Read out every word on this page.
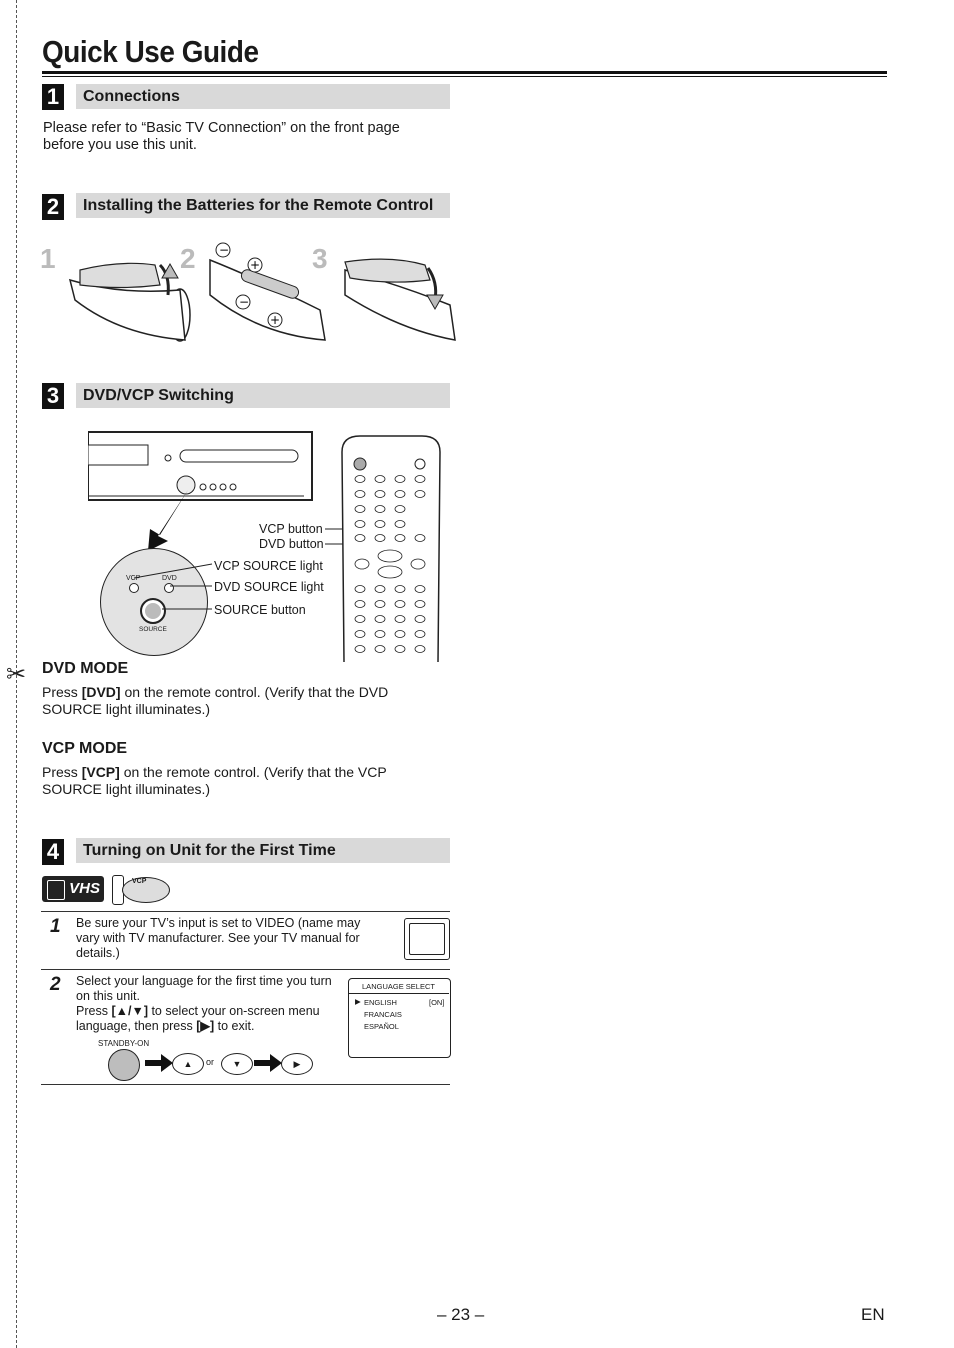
✂
Quick Use Guide
1	Connections
Please refer to “Basic TV Connection” on the front page before you use this unit.
2	Installing the Batteries for the Remote Control
1	2	3
−
+
−
+
3	DVD/VCP Switching
VCP	DVD
SOURCE
VCP button
DVD button
VCP SOURCE light
DVD SOURCE light
SOURCE button
DVD MODE
Press [DVD] on the remote control. (Verify that the DVD SOURCE light illuminates.)
VCP MODE
Press [VCP] on the remote control. (Verify that the VCP SOURCE light illuminates.)
4	Turning on Unit for the First Time
VHS	VCP
1 Be sure your TV’s input is set to VIDEO (name may vary with TV manufacturer. See your TV manual for details.)
2 Select your language for the first time you turn on this unit.
Press [▲/▼] to select your on-screen menu language, then press [▶] to exit.
LANGUAGE SELECT
▶ ENGLISH	[ON]
FRANCAIS
ESPAÑOL
STANDBY-ON
▲	or	▼	▶
– 23 –	EN
